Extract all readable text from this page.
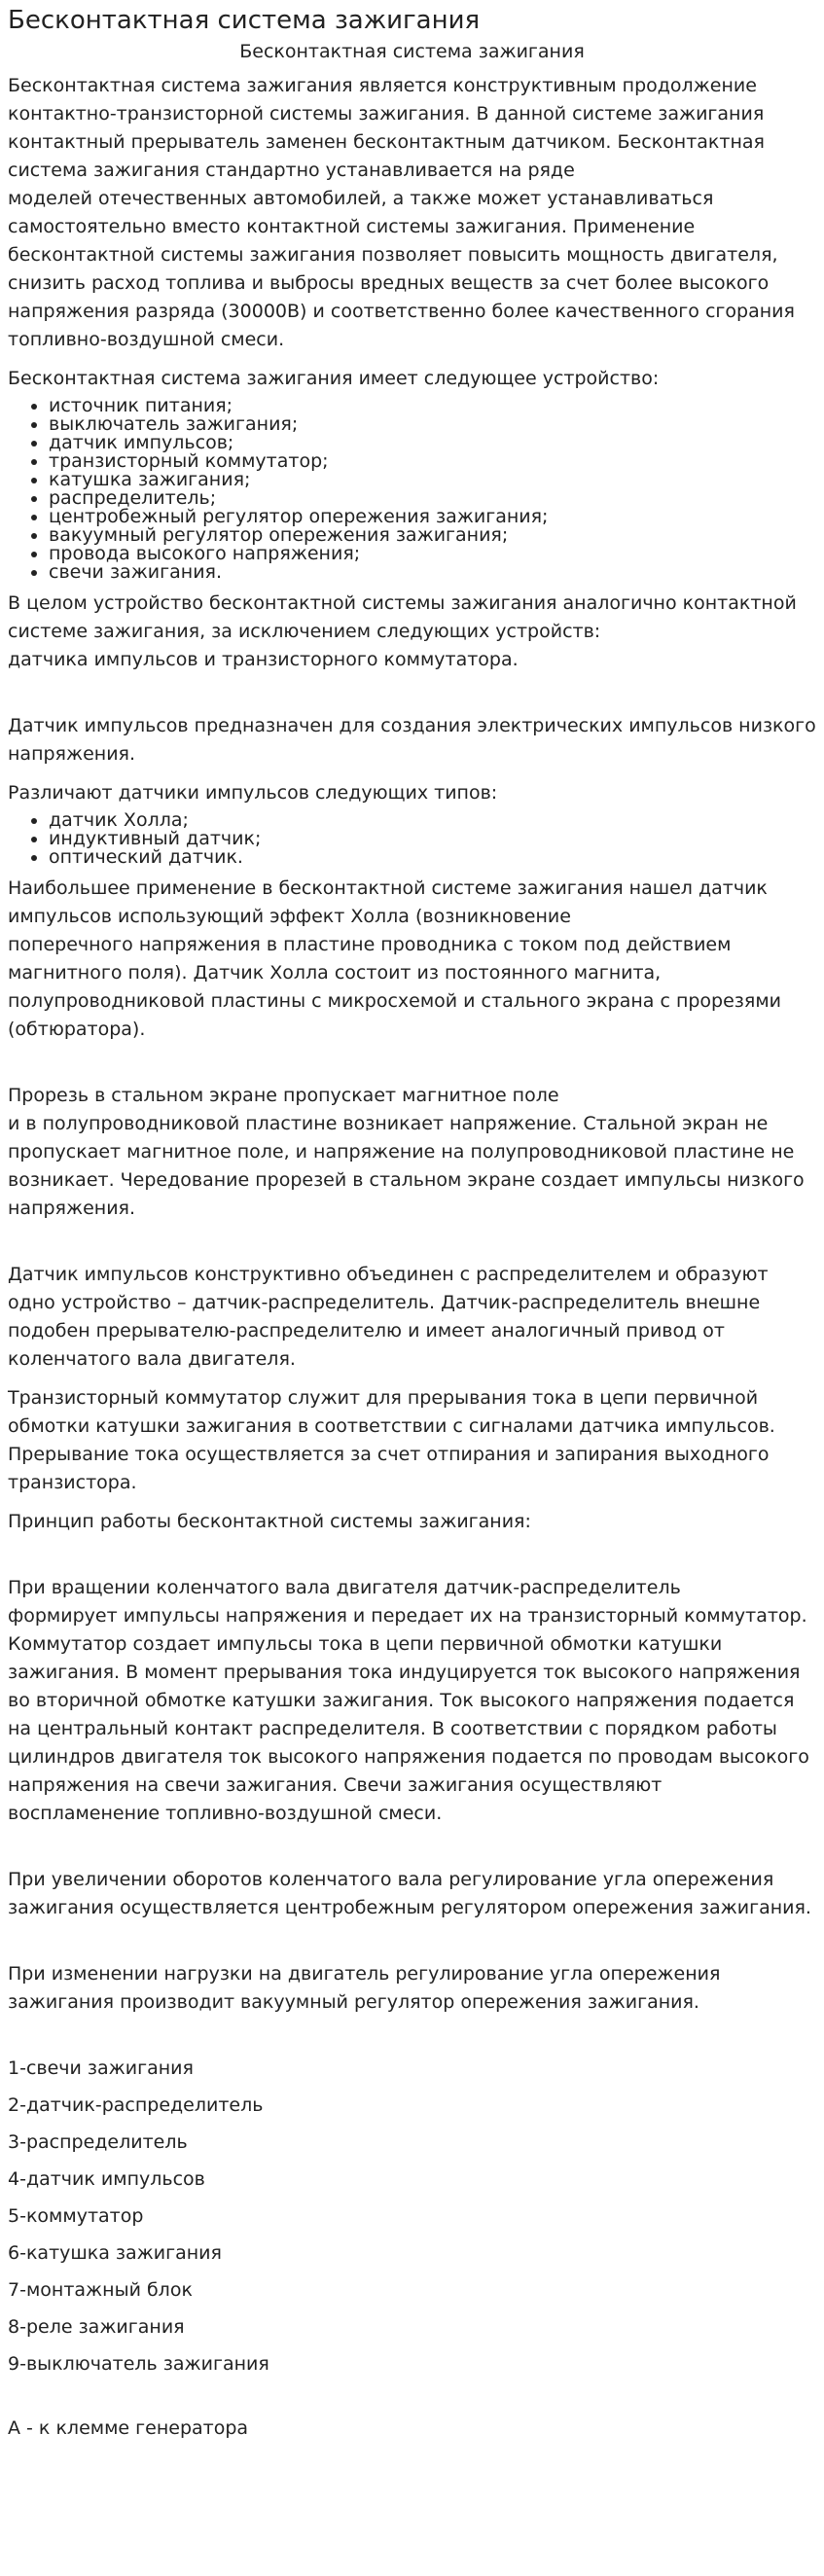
Бесконтактная система зажигания
Бесконтактная система зажигания

Бесконтактная система зажигания является конструктивным продолжение контактно-транзисторной системы зажигания. В данной системе зажигания контактный прерыватель заменен бесконтактным датчиком. Бесконтактная система зажигания стандартно устанавливается на ряде
моделей отечественных автомобилей, а также может устанавливаться самостоятельно вместо контактной системы зажигания. Применение бесконтактной системы зажигания позволяет повысить мощность двигателя, снизить расход топлива и выбросы вредных веществ за счет более высокого напряжения разряда (30000В) и соответственно более качественного сгорания топливно-воздушной смеси.

Бесконтактная система зажигания имеет следующее устройство:

• источник питания;
• выключатель зажигания;
• датчик импульсов;
• транзисторный коммутатор;
• катушка зажигания;
• распределитель;
• центробежный регулятор опережения зажигания;
• вакуумный регулятор опережения зажигания;
• провода высокого напряжения;
• свечи зажигания.

В целом устройство бесконтактной системы зажигания аналогично контактной системе зажигания, за исключением следующих устройств:
датчика импульсов и транзисторного коммутатора.

Датчик импульсов предназначен для создания электрических импульсов низкого напряжения.

Различают датчики импульсов следующих типов:

• датчик Холла;
• индуктивный датчик;
• оптический датчик.

Наибольшее применение в бесконтактной системе зажигания нашел датчик импульсов использующий эффект Холла (возникновение
поперечного напряжения в пластине проводника с током под действием магнитного поля). Датчик Холла состоит из постоянного магнита, полупроводниковой пластины с микросхемой и стального экрана с прорезями (обтюратора).

Прорезь в стальном экране пропускает магнитное поле
и в полупроводниковой пластине возникает напряжение. Стальной экран не пропускает магнитное поле, и напряжение на полупроводниковой пластине не возникает. Чередование прорезей в стальном экране создает импульсы низкого напряжения.

Датчик импульсов конструктивно объединен с распределителем и образуют одно устройство – датчик-распределитель. Датчик-распределитель внешне подобен прерывателю-распределителю и имеет аналогичный привод от коленчатого вала двигателя.

Транзисторный коммутатор служит для прерывания тока в цепи первичной обмотки катушки зажигания в соответствии с сигналами датчика импульсов. Прерывание тока осуществляется за счет отпирания и запирания выходного транзистора.

Принцип работы бесконтактной системы зажигания:

При вращении коленчатого вала двигателя датчик-распределитель
формирует импульсы напряжения и передает их на транзисторный коммутатор. Коммутатор создает импульсы тока в цепи первичной обмотки катушки зажигания. В момент прерывания тока индуцируется ток высокого напряжения во вторичной обмотке катушки зажигания. Ток высокого напряжения подается на центральный контакт распределителя. В соответствии с порядком работы цилиндров двигателя ток высокого напряжения подается по проводам высокого напряжения на свечи зажигания. Свечи зажигания осуществляют воспламенение топливно-воздушной смеси.

При увеличении оборотов коленчатого вала регулирование угла опережения зажигания осуществляется центробежным регулятором опережения зажигания.

При изменении нагрузки на двигатель регулирование угла опережения зажигания производит вакуумный регулятор опережения зажигания.

1-свечи зажигания

2-датчик-распределитель

3-распределитель

4-датчик импульсов

5-коммутатор

6-катушка зажигания

7-монтажный блок

8-реле зажигания

9-выключатель зажигания

А - к клемме генератора
